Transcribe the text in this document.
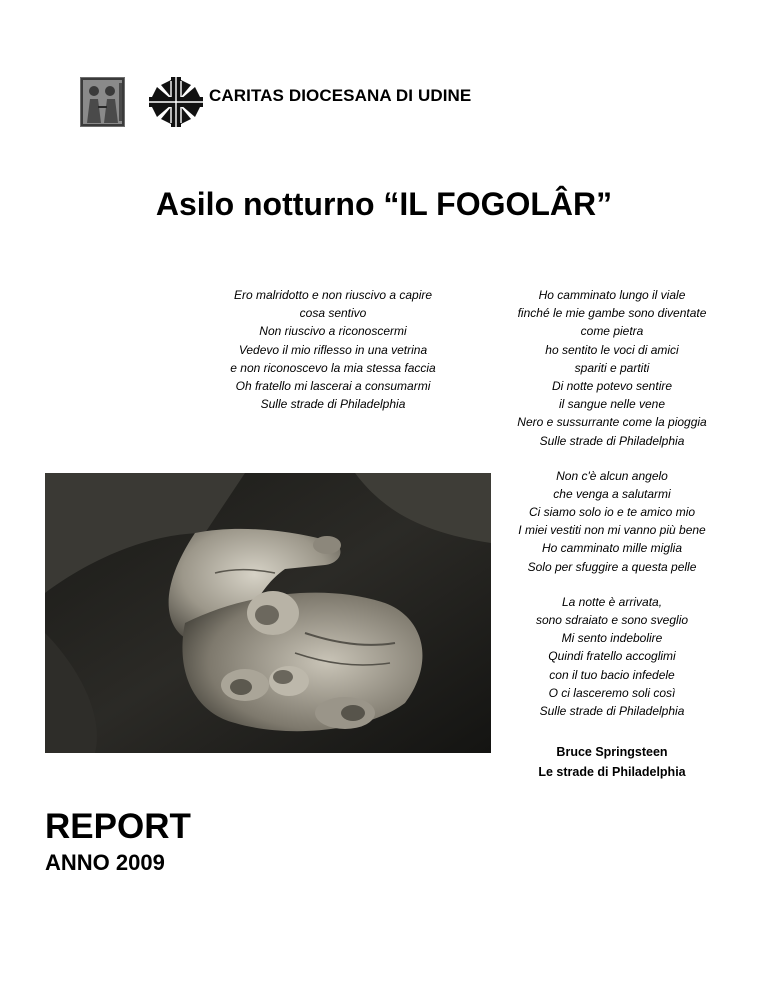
CARITAS DIOCESANA DI UDINE
Asilo notturno “IL FOGOLÂR”
Ero malridotto e non riuscivo a capire
cosa sentivo
Non riuscivo a riconoscermi
Vedevo il mio riflesso in una vetrina
e non riconoscevo la mia stessa faccia
Oh fratello mi lascerai a consumarmi
Sulle strade di Philadelphia
Ho camminato lungo il viale
finché le mie gambe sono diventate
come pietra
ho sentito le voci di amici
spariti e partiti
Di notte potevo sentire
il sangue nelle vene
Nero e sussurrante come la pioggia
Sulle strade di Philadelphia
Non c'è alcun angelo
che venga a salutarmi
Ci siamo solo io e te amico mio
I miei vestiti non mi vanno più bene
Ho camminato mille miglia
Solo per sfuggire a questa pelle
La notte è arrivata,
sono sdraiato e sono sveglio
Mi sento indebolire
Quindi fratello accoglimi
con il tuo bacio infedele
O ci lasceremo soli così
Sulle strade di Philadelphia
Bruce Springsteen
Le strade di Philadelphia
REPORT
ANNO 2009
